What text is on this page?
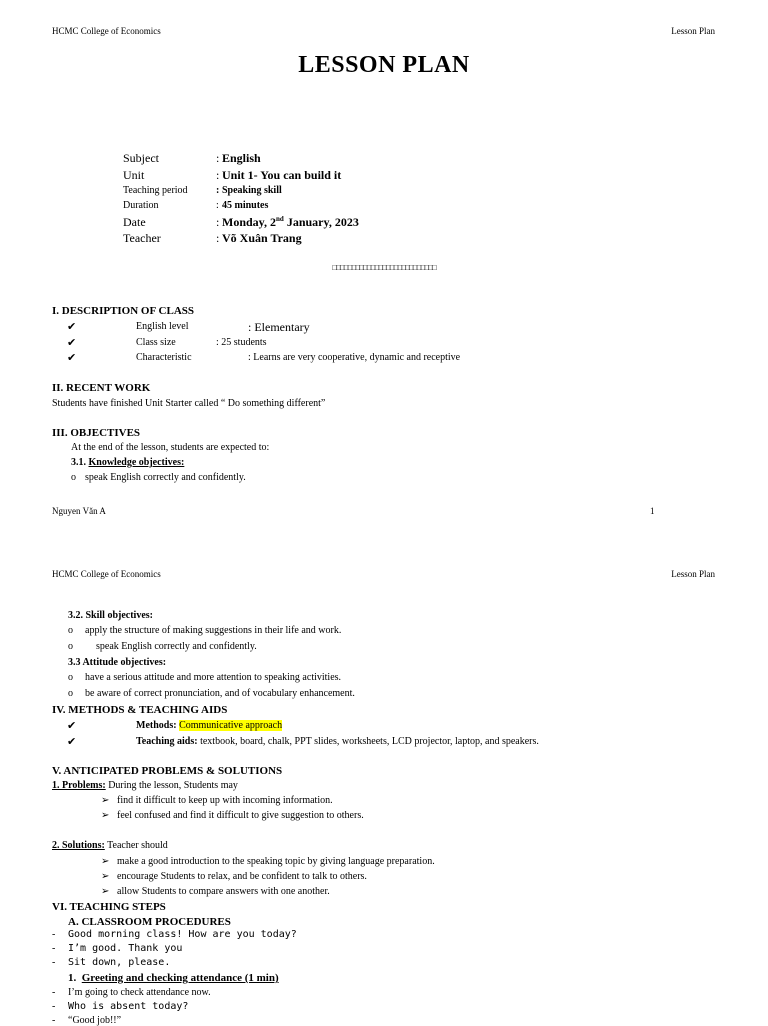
HCMC College of Economics	Lesson Plan
LESSON PLAN
Subject	: English
Unit	: Unit 1- You can build it
Teaching period	: Speaking skill
Duration	: 45 minutes
Date	: Monday, 2nd January, 2023
Teacher	: Võ Xuân Trang
□□□□□□□□□□□□□□□□□□□□□□□□□□□
I. DESCRIPTION OF CLASS
✔	English level	: Elementary
✔	Class size	: 25 students
✔	Characteristic	: Learns are very cooperative, dynamic and receptive
II. RECENT WORK
Students have finished Unit Starter called “ Do something different”
III. OBJECTIVES
At the end of the lesson, students are expected to:
3.1. Knowledge objectives:
o speak English correctly and confidently.
Nguyen Văn A	1
HCMC College of Economics	Lesson Plan
3.2. Skill objectives:
o apply the structure of making suggestions in their life and work.
o speak English correctly and confidently.
3.3 Attitude objectives:
o have a serious attitude and more attention to speaking activities.
o be aware of correct pronunciation, and of vocabulary enhancement.
IV. METHODS & TEACHING AIDS
✔	Methods: Communicative approach
✔	Teaching aids: textbook, board, chalk, PPT slides, worksheets, LCD projector, laptop, and speakers.
V. ANTICIPATED PROBLEMS & SOLUTIONS
1. Problems: During the lesson, Students may
➢ find it difficult to keep up with incoming information.
➢ feel confused and find it difficult to give suggestion to others.
2. Solutions: Teacher should
➢ make a good introduction to the speaking topic by giving language preparation.
➢ encourage Students to relax, and be confident to talk to others.
➢ allow Students to compare answers with one another.
VI. TEACHING STEPS
A. CLASSROOM PROCEDURES
- Good morning class! How are you today?
- I’m good. Thank you
- Sit down, please.
1. Greeting and checking attendance (1 min)
- I’m going to check attendance now.
- Who is absent today?
- “Good job!!”
